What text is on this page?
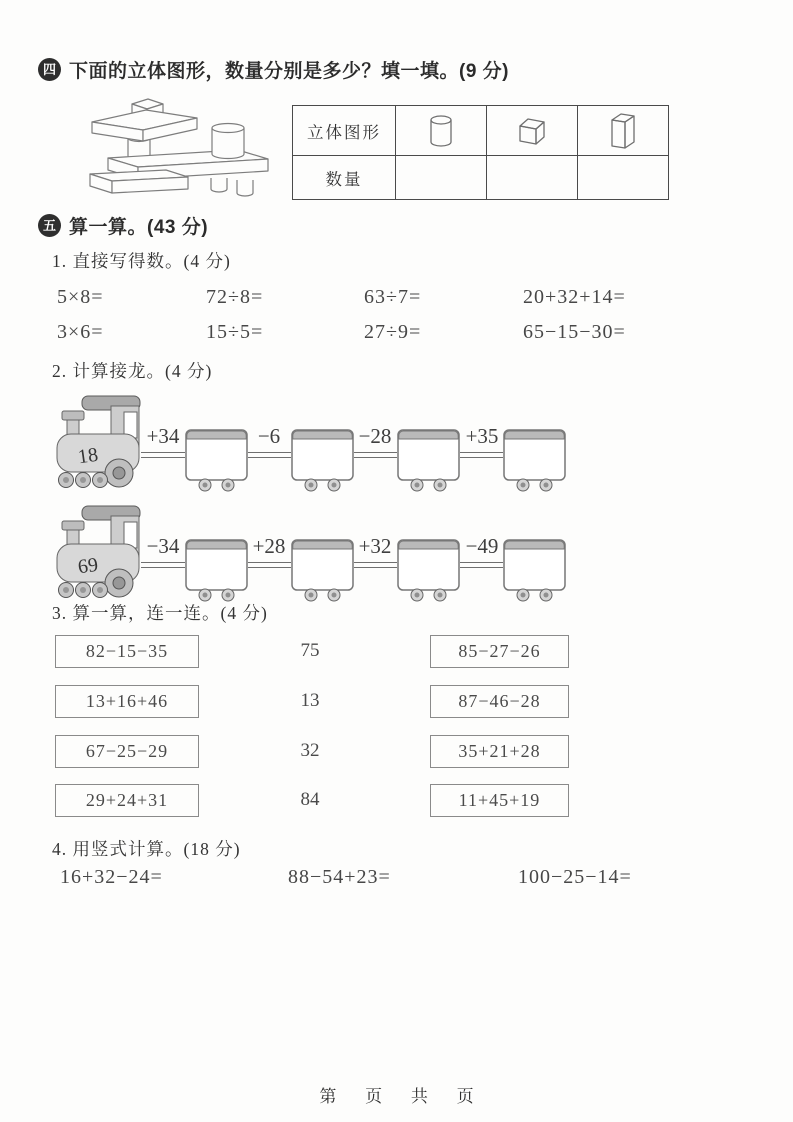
四 下面的立体图形，数量分别是多少？填一填。(9 分)
立体图形	

数量			
五 算一算。(43 分)
1. 直接写得数。(4 分)
5×8=	72÷8=	63÷7=	20+32+14=
3×6=	15÷5=	27÷9=	65−15−30=
2. 计算接龙。(4 分)
18
+34	−6	−28	+35
69
−34	+28	+32	−49
3. 算一算，连一连。(4 分)
82−15−35	75	85−27−26
13+16+46	13	87−46−28
67−25−29	32	35+21+28
29+24+31	84	11+45+19
4. 用竖式计算。(18 分)
16+32−24=	88−54+23=	100−25−14=
第 页 共 页
